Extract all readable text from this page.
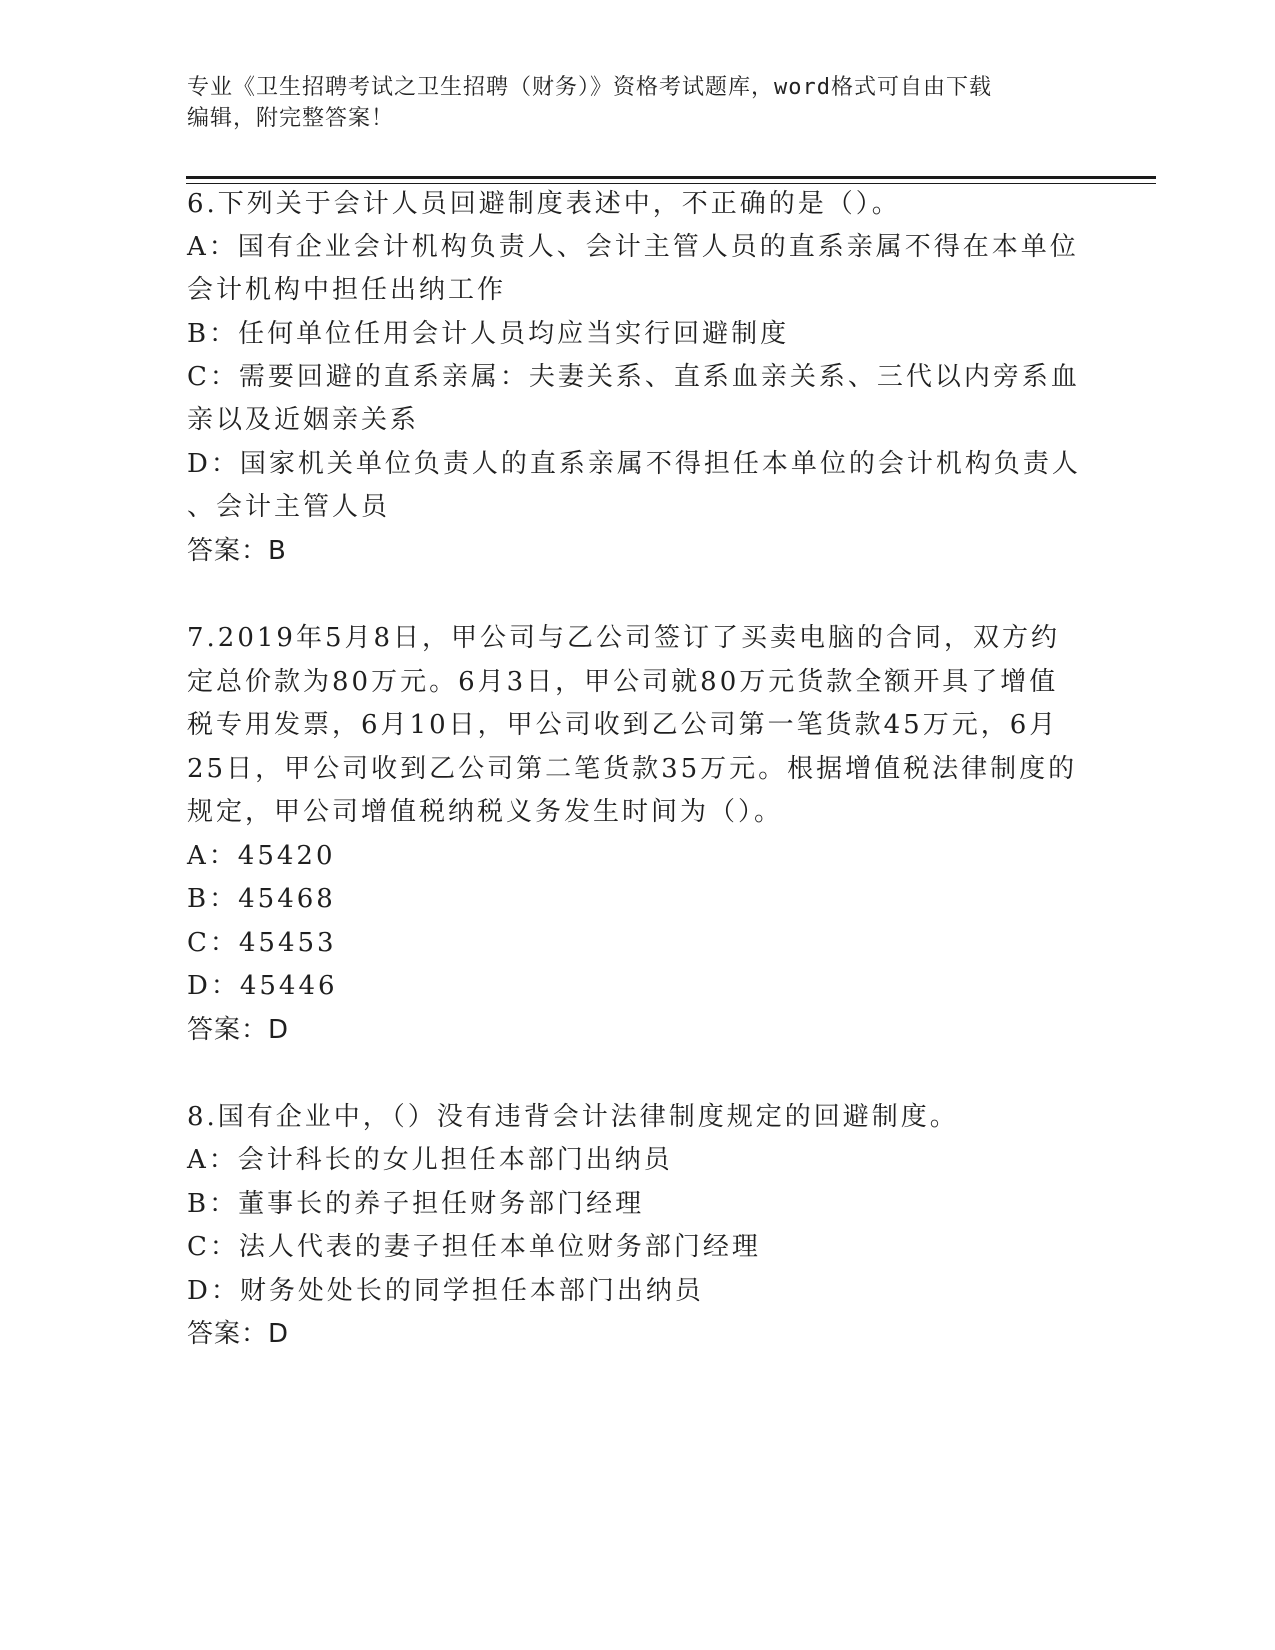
专业《卫生招聘考试之卫生招聘（财务）》资格考试题库，word格式可自由下载
编辑，附完整答案！
6.下列关于会计人员回避制度表述中，不正确的是（）。
A：国有企业会计机构负责人、会计主管人员的直系亲属不得在本单位
会计机构中担任出纳工作
B：任何单位任用会计人员均应当实行回避制度
C：需要回避的直系亲属：夫妻关系、直系血亲关系、三代以内旁系血
亲以及近姻亲关系
D：国家机关单位负责人的直系亲属不得担任本单位的会计机构负责人
、会计主管人员
答案：B
7.2019年5月8日，甲公司与乙公司签订了买卖电脑的合同，双方约
定总价款为80万元。6月3日，甲公司就80万元货款全额开具了增值
税专用发票，6月10日，甲公司收到乙公司第一笔货款45万元，6月
25日，甲公司收到乙公司第二笔货款35万元。根据增值税法律制度的
规定，甲公司增值税纳税义务发生时间为（）。
A：45420
B：45468
C：45453
D：45446
答案：D
8.国有企业中，（）没有违背会计法律制度规定的回避制度。
A：会计科长的女儿担任本部门出纳员
B：董事长的养子担任财务部门经理
C：法人代表的妻子担任本单位财务部门经理
D：财务处处长的同学担任本部门出纳员
答案：D
